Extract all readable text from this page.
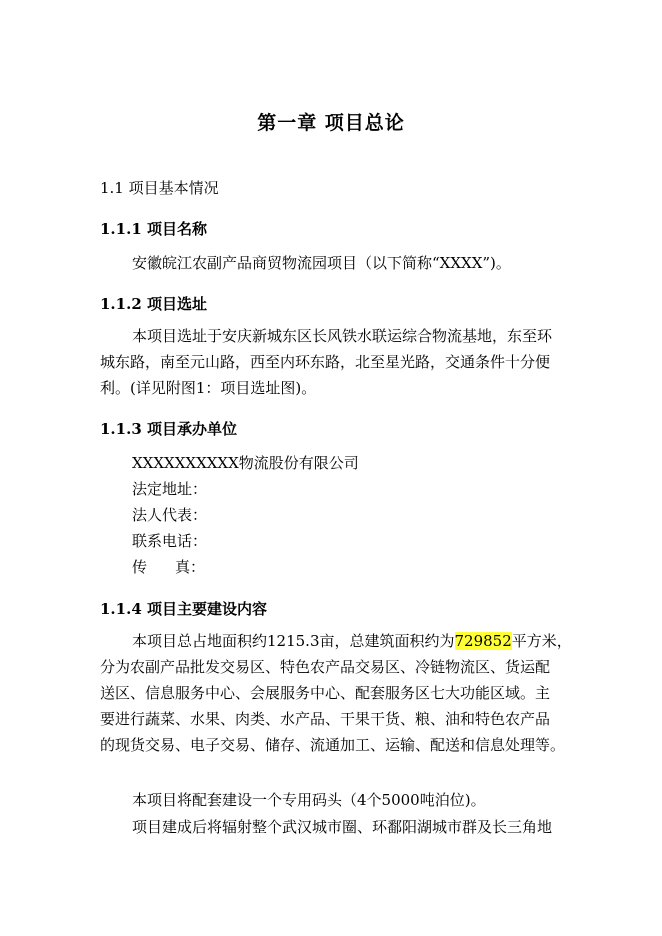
第一章 项目总论
1.1 项目基本情况
1.1.1 项目名称
安徽皖江农副产品商贸物流园项目（以下简称“XXXX”)。
1.1.2 项目选址
本项目选址于安庆新城东区长风铁水联运综合物流基地，东至环
城东路，南至元山路，西至内环东路，北至星光路，交通条件十分便
利。(详见附图1：项目选址图)。
1.1.3 项目承办单位
XXXXXXXXXX物流股份有限公司
法定地址：
法人代表：
联系电话：
传 真：
1.1.4 项目主要建设内容
本项目总占地面积约1215.3亩，总建筑面积约为729852平方米，
分为农副产品批发交易区、特色农产品交易区、冷链物流区、货运配
送区、信息服务中心、会展服务中心、配套服务区七大功能区域。主
要进行蔬菜、水果、肉类、水产品、干果干货、粮、油和特色农产品
的现货交易、电子交易、储存、流通加工、运输、配送和信息处理等。
本项目将配套建设一个专用码头（4个5000吨泊位)。
项目建成后将辐射整个武汉城市圈、环鄱阳湖城市群及长三角地
